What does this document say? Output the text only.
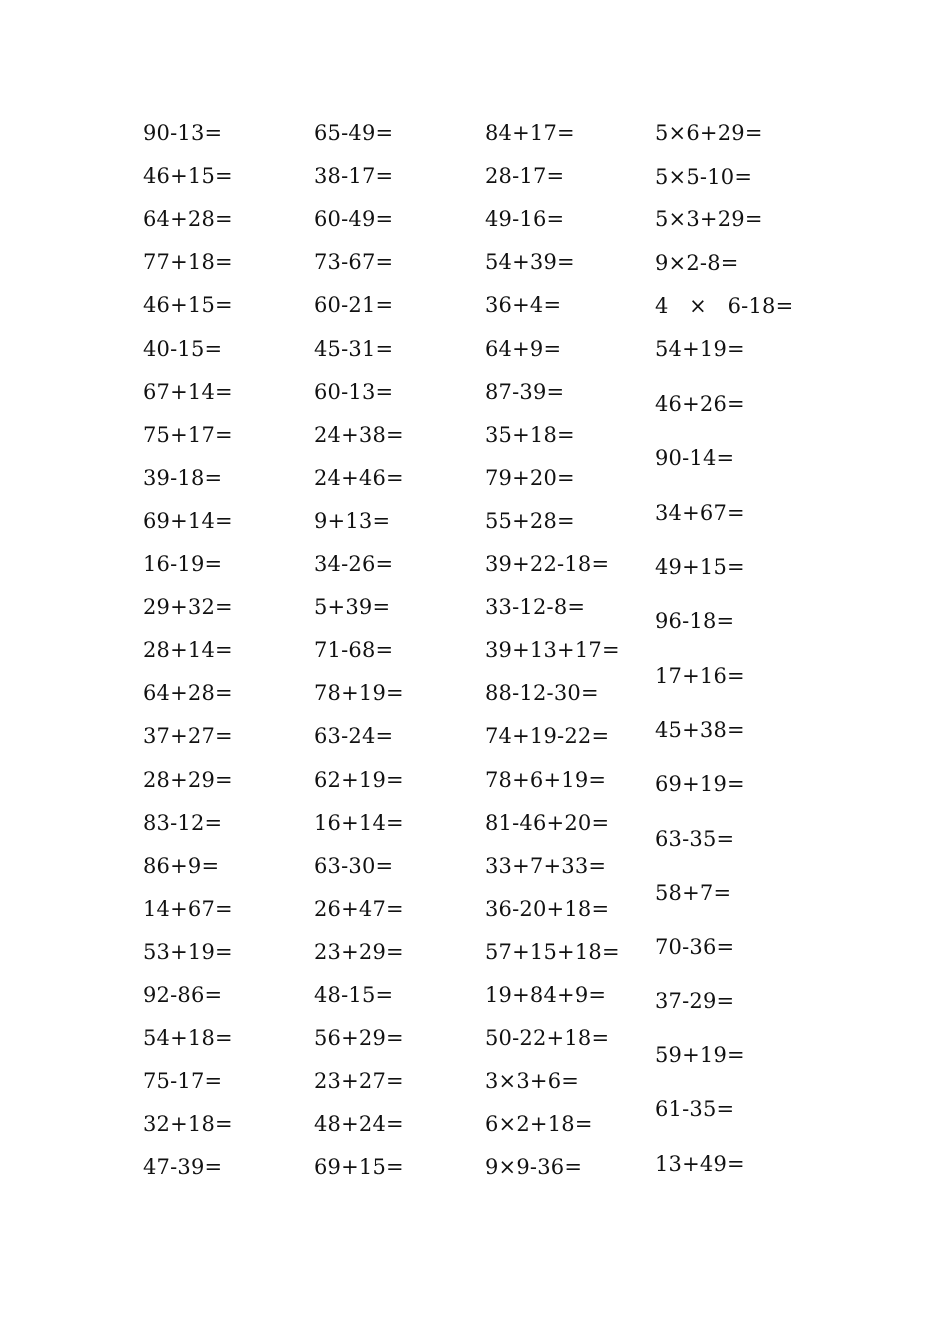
90-13=
46+15=
64+28=
77+18=
46+15=
40-15=
67+14=
75+17=
39-18=
69+14=
16-19=
29+32=
28+14=
64+28=
37+27=
28+29=
83-12=
86+9=
14+67=
53+19=
92-86=
54+18=
75-17=
32+18=
47-39=
65-49=
38-17=
60-49=
73-67=
60-21=
45-31=
60-13=
24+38=
24+46=
9+13=
34-26=
5+39=
71-68=
78+19=
63-24=
62+19=
16+14=
63-30=
26+47=
23+29=
48-15=
56+29=
23+27=
48+24=
69+15=
84+17=
28-17=
49-16=
54+39=
36+4=
64+9=
87-39=
35+18=
79+20=
55+28=
39+22-18=
33-12-8=
39+13+17=
88-12-30=
74+19-22=
78+6+19=
81-46+20=
33+7+33=
36-20+18=
57+15+18=
19+84+9=
50-22+18=
3×3+6=
6×2+18=
9×9-36=
5×6+29=
5×5-10=
5×3+29=
9×2-8=
4   ×   6-18=
54+19=
46+26=
90-14=
34+67=
49+15=
96-18=
17+16=
45+38=
69+19=
63-35=
58+7=
70-36=
37-29=
59+19=
61-35=
13+49=
